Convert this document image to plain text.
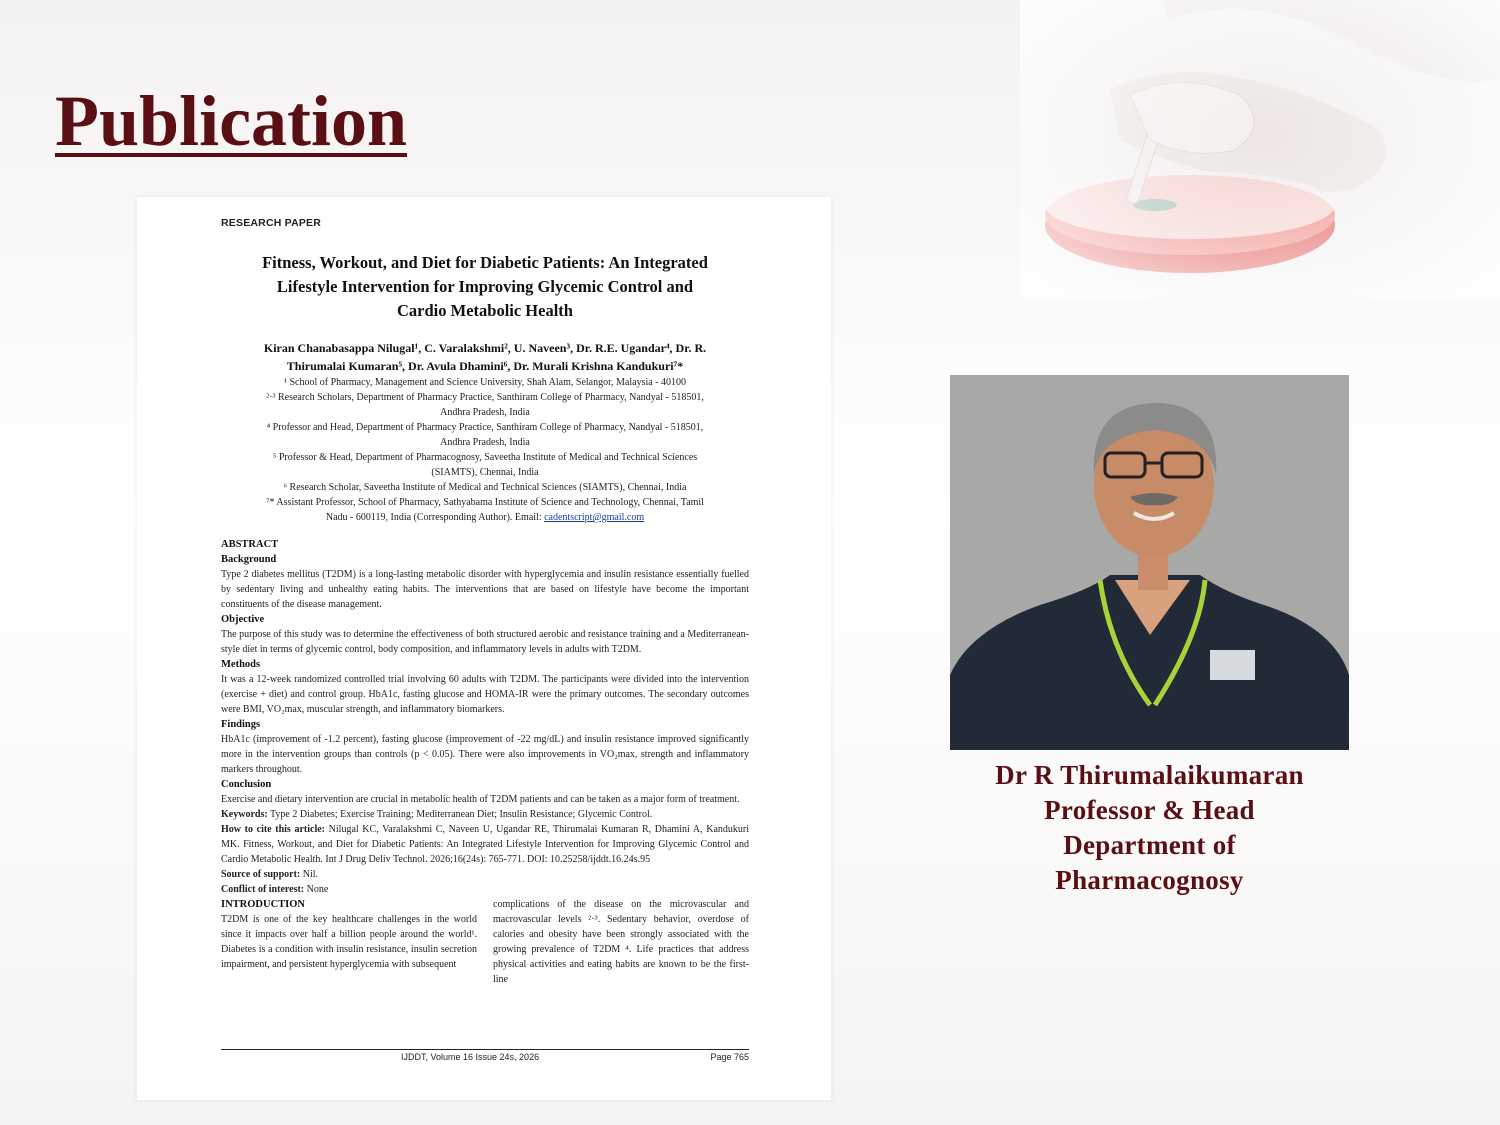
Publication
RESEARCH PAPER
Fitness, Workout, and Diet for Diabetic Patients: An Integrated
Lifestyle Intervention for Improving Glycemic Control and
Cardio Metabolic Health
Kiran Chanabasappa Nilugal¹, C. Varalakshmi², U. Naveen³, Dr. R.E. Ugandar⁴, Dr. R.
Thirumalai Kumaran⁵, Dr. Avula Dhamini⁶, Dr. Murali Krishna Kandukuri⁷*
¹ School of Pharmacy, Management and Science University, Shah Alam, Selangor, Malaysia - 40100
²·³ Research Scholars, Department of Pharmacy Practice, Santhiram College of Pharmacy, Nandyal - 518501,
Andhra Pradesh, India
⁴ Professor and Head, Department of Pharmacy Practice, Santhiram College of Pharmacy, Nandyal - 518501,
Andhra Pradesh, India
⁵ Professor & Head, Department of Pharmacognosy, Saveetha Institute of Medical and Technical Sciences
(SIAMTS), Chennai, India
⁶ Research Scholar, Saveetha Institute of Medical and Technical Sciences (SIAMTS), Chennai, India
⁷* Assistant Professor, School of Pharmacy, Sathyabama Institute of Science and Technology, Chennai, Tamil
Nadu - 600119, India (Corresponding Author). Email: cadentscript@gmail.com
ABSTRACT
Background
Type 2 diabetes mellitus (T2DM) is a long-lasting metabolic disorder with hyperglycemia and insulin resistance essentially fuelled by sedentary living and unhealthy eating habits. The interventions that are based on lifestyle have become the important constituents of the disease management.
Objective
The purpose of this study was to determine the effectiveness of both structured aerobic and resistance training and a Mediterranean-style diet in terms of glycemic control, body composition, and inflammatory levels in adults with T2DM.
Methods
It was a 12-week randomized controlled trial involving 60 adults with T2DM. The participants were divided into the intervention (exercise + diet) and control group. HbA1c, fasting glucose and HOMA-IR were the primary outcomes. The secondary outcomes were BMI, VO₂max, muscular strength, and inflammatory biomarkers.
Findings
HbA1c (improvement of -1.2 percent), fasting glucose (improvement of -22 mg/dL) and insulin resistance improved significantly more in the intervention groups than controls (p < 0.05). There were also improvements in VO₂max, strength and inflammatory markers throughout.
Conclusion
Exercise and dietary intervention are crucial in metabolic health of T2DM patients and can be taken as a major form of treatment.
Keywords: Type 2 Diabetes; Exercise Training; Mediterranean Diet; Insulin Resistance; Glycemic Control.
How to cite this article: Nilugal KC, Varalakshmi C, Naveen U, Ugandar RE, Thirumalai Kumaran R, Dhamini A, Kandukuri MK. Fitness, Workout, and Diet for Diabetic Patients: An Integrated Lifestyle Intervention for Improving Glycemic Control and Cardio Metabolic Health. Int J Drug Deliv Technol. 2026;16(24s): 765-771. DOI: 10.25258/ijddt.16.24s.95
Source of support: Nil.
Conflict of interest: None
INTRODUCTION
T2DM is one of the key healthcare challenges in the world since it impacts over half a billion people around the world¹. Diabetes is a condition with insulin resistance, insulin secretion impairment, and persistent hyperglycemia with subsequent
complications of the disease on the microvascular and macrovascular levels ²·³. Sedentary behavior, overdose of calories and obesity have been strongly associated with the growing prevalence of T2DM ⁴. Life practices that address physical activities and eating habits are known to be the first-line
IJDDT, Volume 16 Issue 24s, 2026	Page 765
Dr R Thirumalaikumaran
Professor & Head
Department of
Pharmacognosy
